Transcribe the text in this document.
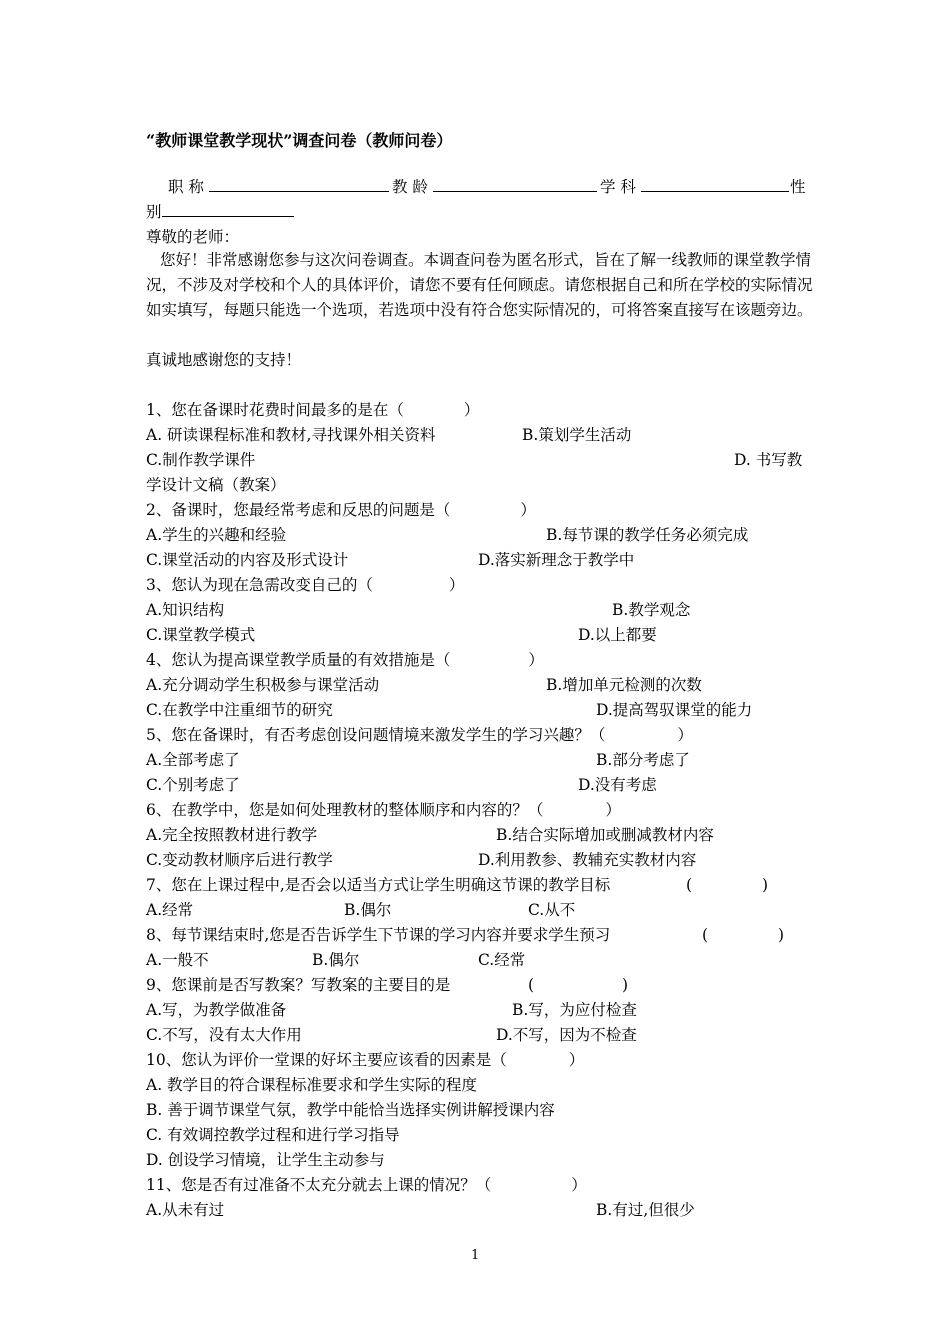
“教师课堂教学现状”调查问卷（教师问卷）
职 称	教 龄	学 科	性
别
尊敬的老师：
您好！非常感谢您参与这次问卷调查。本调查问卷为匿名形式，旨在了解一线教师的课堂教学情况，不涉及对学校和个人的具体评价，请您不要有任何顾虑。请您根据自己和所在学校的实际情况如实填写，每题只能选一个选项，若选项中没有符合您实际情况的，可将答案直接写在该题旁边。
真诚地感谢您的支持！
1、您在备课时花费时间最多的是在（	）
A. 研读课程标准和教材,寻找课外相关资料	B.策划学生活动
C.制作教学课件	D. 书写教
学设计文稿（教案）
2、备课时，您最经常考虑和反思的问题是（	）
A.学生的兴趣和经验	B.每节课的教学任务必须完成
C.课堂活动的内容及形式设计	D.落实新理念于教学中
3、您认为现在急需改变自己的（	）
A.知识结构	B.教学观念
C.课堂教学模式	D.以上都要
4、您认为提高课堂教学质量的有效措施是（	）
A.充分调动学生积极参与课堂活动	B.增加单元检测的次数
C.在教学中注重细节的研究	D.提高驾驭课堂的能力
5、您在备课时，有否考虑创设问题情境来激发学生的学习兴趣？（	）
A.全部考虑了	B.部分考虑了
C.个别考虑了	D.没有考虑
6、在教学中，您是如何处理教材的整体顺序和内容的？（	）
A.完全按照教材进行教学	B.结合实际增加或删减教材内容
C.变动教材顺序后进行教学	D.利用教参、教辅充实教材内容
7、您在上课过程中,是否会以适当方式让学生明确这节课的教学目标	(	)
A.经常	B.偶尔	C.从不
8、每节课结束时,您是否告诉学生下节课的学习内容并要求学生预习	(	)
A.一般不	B.偶尔	C.经常
9、您课前是否写教案？写教案的主要目的是	(	)
A.写，为教学做准备	B.写，为应付检查
C.不写，没有太大作用	D.不写，因为不检查
10、您认为评价一堂课的好坏主要应该看的因素是（	）
A. 教学目的符合课程标准要求和学生实际的程度
B. 善于调节课堂气氛，教学中能恰当选择实例讲解授课内容
C. 有效调控教学过程和进行学习指导
D. 创设学习情境，让学生主动参与
11、您是否有过准备不太充分就去上课的情况？（	）
A.从未有过	B.有过,但很少
1
